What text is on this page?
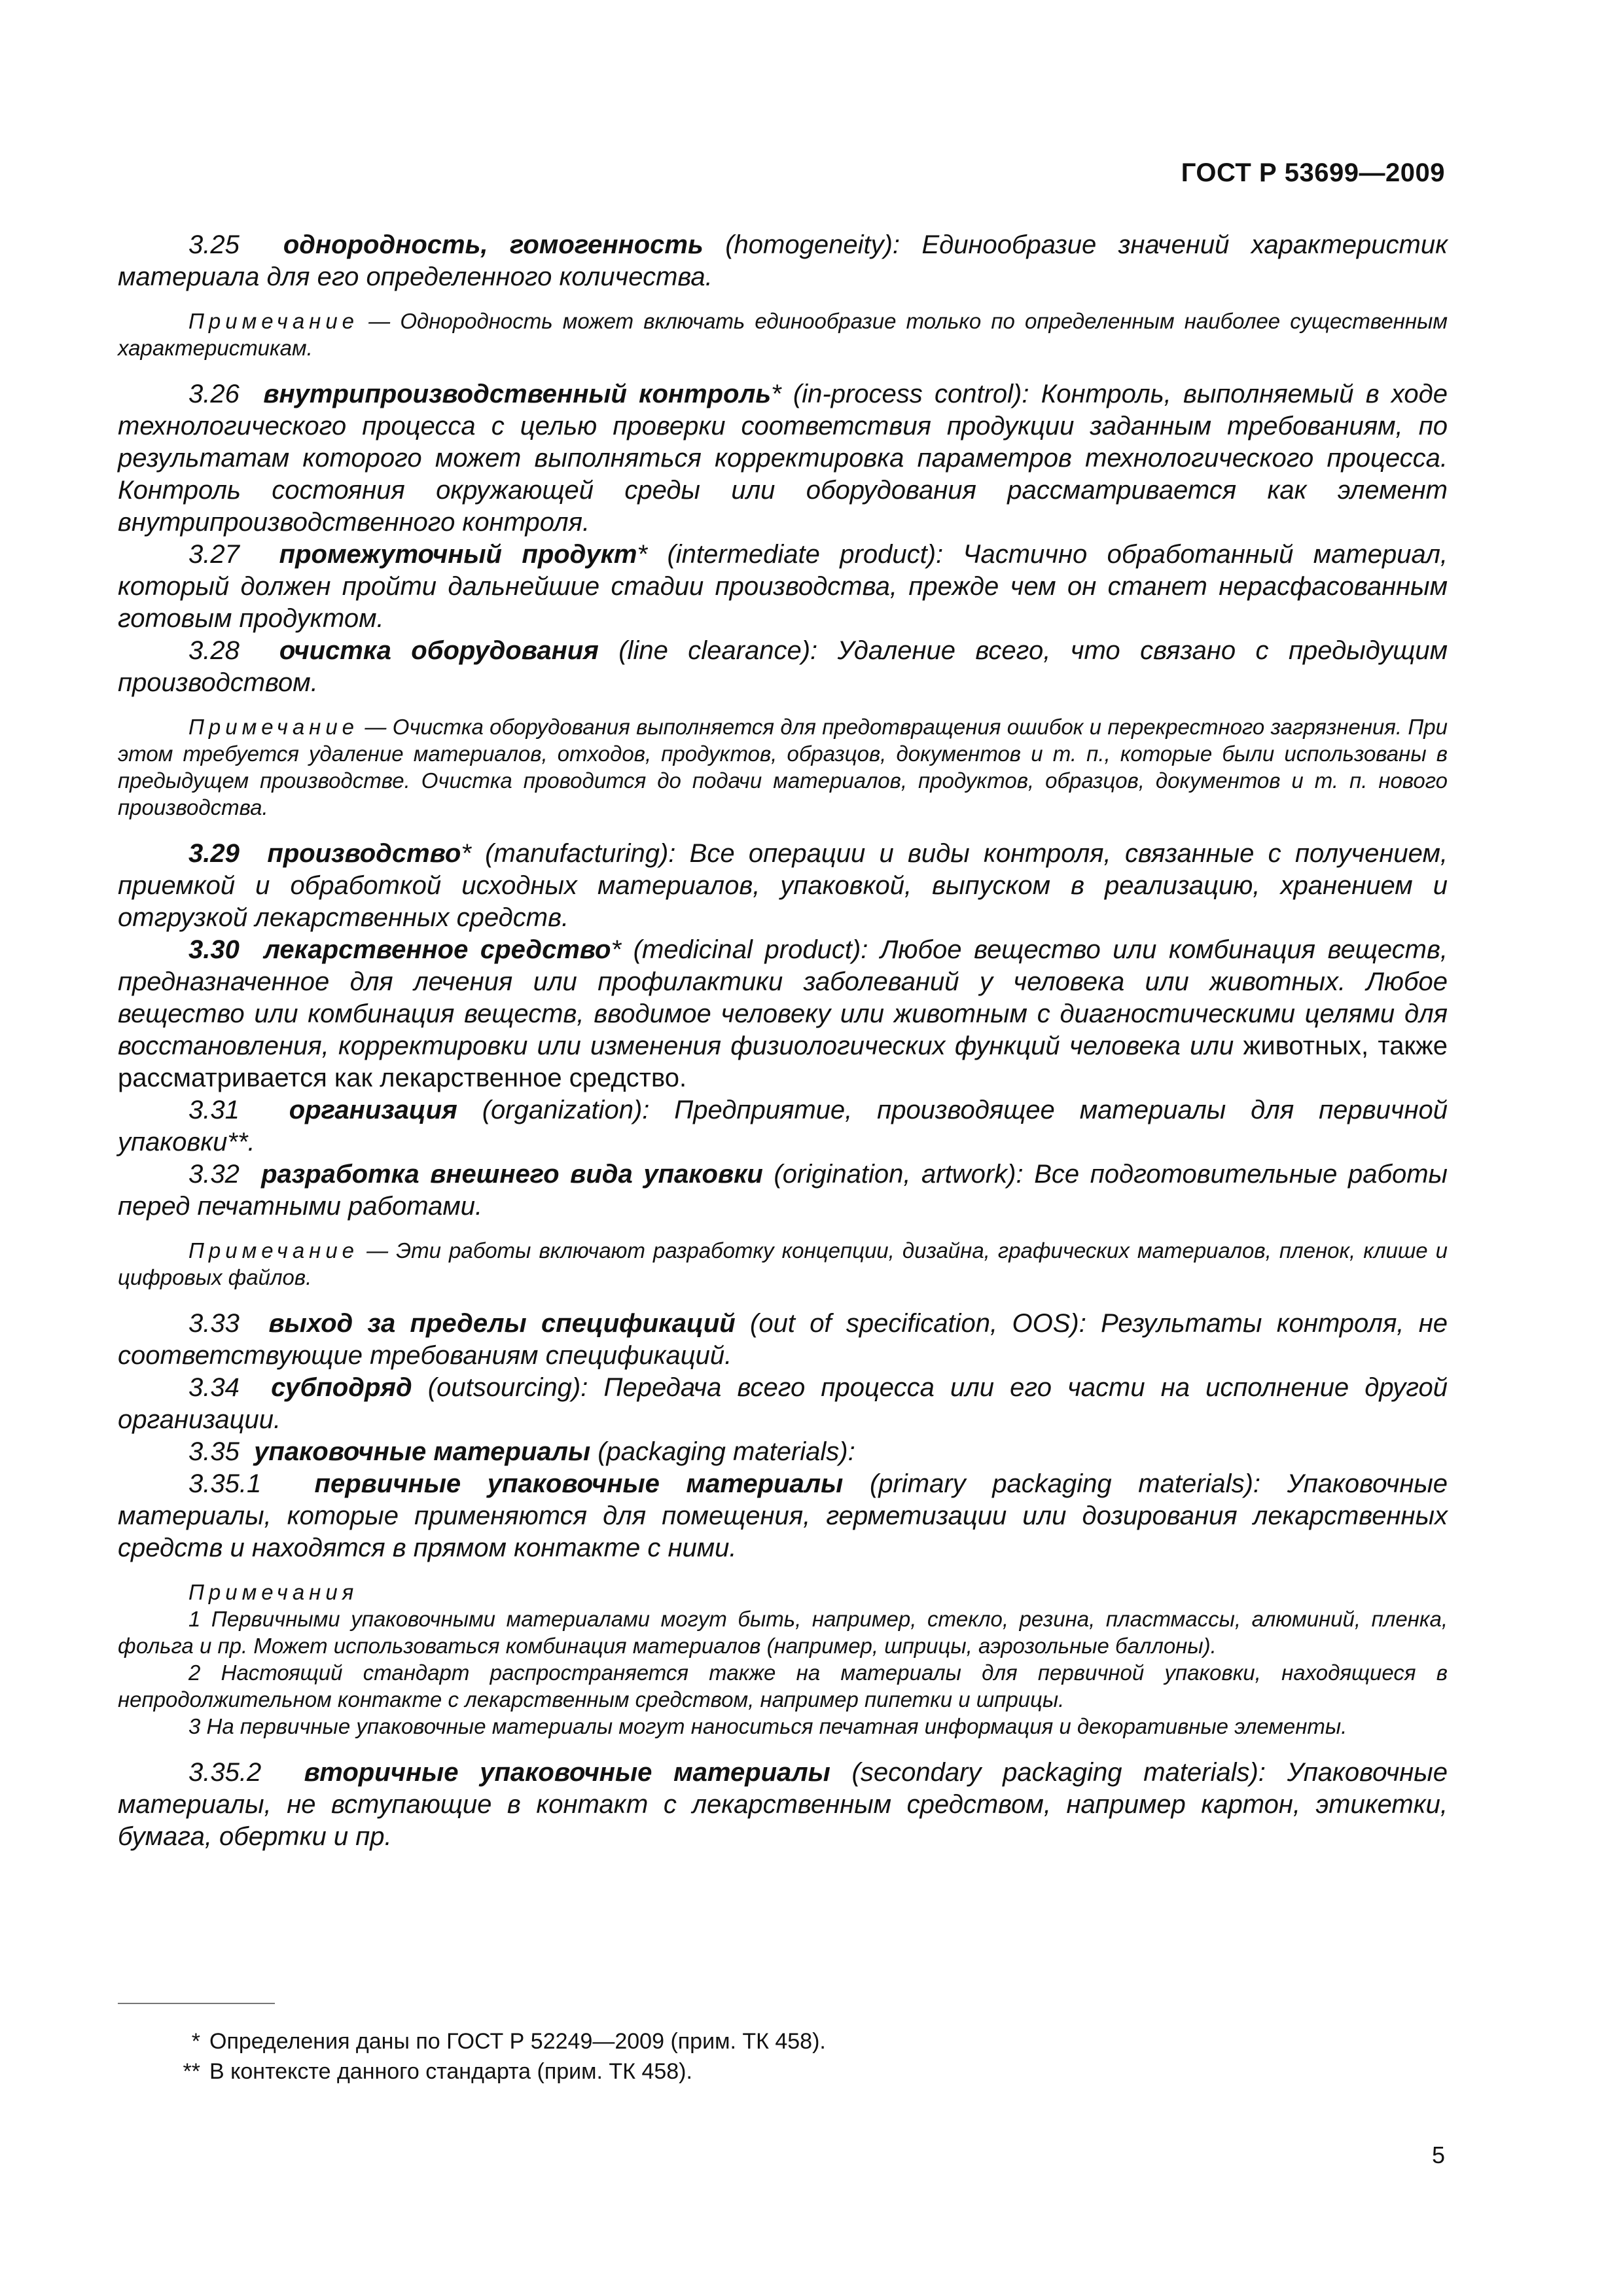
ГОСТ Р 53699—2009

3.25 однородность, гомогенность (homogeneity): Единообразие значений характеристик материала для его определенного количества.

Примечание — Однородность может включать единообразие только по определенным наиболее существенным характеристикам.

3.26 внутрипроизводственный контроль* (in-process control): Контроль, выполняемый в ходе технологического процесса с целью проверки соответствия продукции заданным требованиям, по результатам которого может выполняться корректировка параметров технологического процесса. Контроль состояния окружающей среды или оборудования рассматривается как элемент внутрипроизводственного контроля.

3.27 промежуточный продукт* (intermediate product): Частично обработанный материал, который должен пройти дальнейшие стадии производства, прежде чем он станет нерасфасованным готовым продуктом.

3.28 очистка оборудования (line clearance): Удаление всего, что связано с предыдущим производством.

Примечание — Очистка оборудования выполняется для предотвращения ошибок и перекрестного загрязнения. При этом требуется удаление материалов, отходов, продуктов, образцов, документов и т. п., которые были использованы в предыдущем производстве. Очистка проводится до подачи материалов, продуктов, образцов, документов и т. п. нового производства.

3.29 производство* (manufacturing): Все операции и виды контроля, связанные с получением, приемкой и обработкой исходных материалов, упаковкой, выпуском в реализацию, хранением и отгрузкой лекарственных средств.

3.30 лекарственное средство* (medicinal product): Любое вещество или комбинация веществ, предназначенное для лечения или профилактики заболеваний у человека или животных. Любое вещество или комбинация веществ, вводимое человеку или животным с диагностическими целями для восстановления, корректировки или изменения физиологических функций человека или животных, также рассматривается как лекарственное средство.

3.31 организация (organization): Предприятие, производящее материалы для первичной упаковки**.

3.32 разработка внешнего вида упаковки (origination, artwork): Все подготовительные работы перед печатными работами.

Примечание — Эти работы включают разработку концепции, дизайна, графических материалов, пленок, клише и цифровых файлов.

3.33 выход за пределы спецификаций (out of specification, OOS): Результаты контроля, не соответствующие требованиям спецификаций.

3.34 субподряд (outsourcing): Передача всего процесса или его части на исполнение другой организации.

3.35 упаковочные материалы (packaging materials):

3.35.1 первичные упаковочные материалы (primary packaging materials): Упаковочные материалы, которые применяются для помещения, герметизации или дозирования лекарственных средств и находятся в прямом контакте с ними.

Примечания

1 Первичными упаковочными материалами могут быть, например, стекло, резина, пластмассы, алюминий, пленка, фольга и пр. Может использоваться комбинация материалов (например, шприцы, аэрозольные баллоны).

2 Настоящий стандарт распространяется также на материалы для первичной упаковки, находящиеся в непродолжительном контакте с лекарственным средством, например пипетки и шприцы.

3 На первичные упаковочные материалы могут наноситься печатная информация и декоративные элементы.

3.35.2 вторичные упаковочные материалы (secondary packaging materials): Упаковочные материалы, не вступающие в контакт с лекарственным средством, например картон, этикетки, бумага, обертки и пр.

* Определения даны по ГОСТ Р 52249—2009 (прим. ТК 458).
** В контексте данного стандарта (прим. ТК 458).
5
